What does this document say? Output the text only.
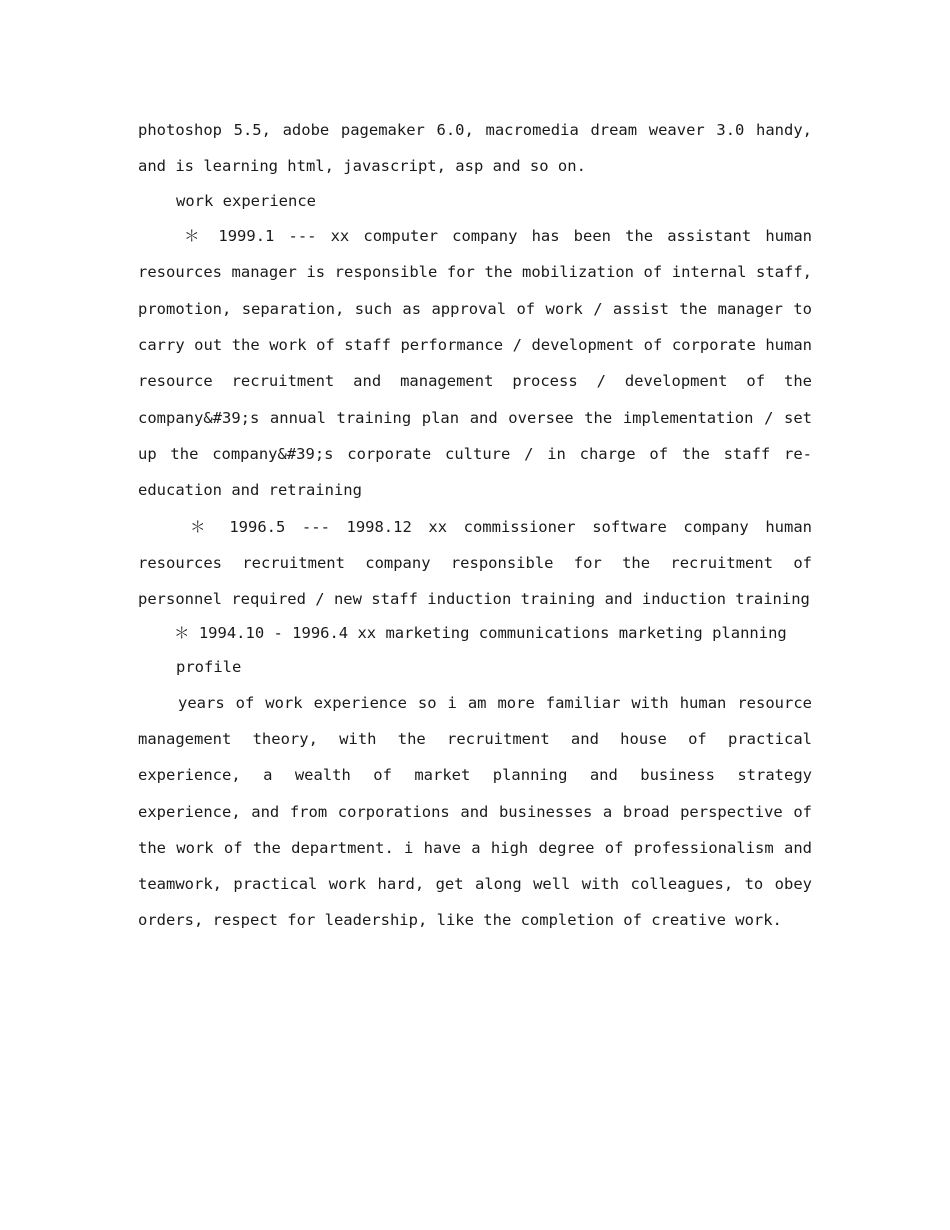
photoshop 5.5, adobe pagemaker 6.0, macromedia dream weaver 3.0 handy, and is learning html, javascript, asp and so on.

work experience

＊ 1999.1 --- xx computer company has been the assistant human resources manager is responsible for the mobilization of internal staff, promotion, separation, such as approval of work / assist the manager to carry out the work of staff performance / development of corporate human resource recruitment and management process / development of the company&#39;s annual training plan and oversee the implementation / set up the company&#39;s corporate culture / in charge of the staff re-education and retraining

＊ 1996.5 --- 1998.12 xx commissioner software company human resources recruitment company responsible for the recruitment of personnel required / new staff induction training and induction training

＊ 1994.10 - 1996.4 xx marketing communications marketing planning

profile

years of work experience so i am more familiar with human resource management theory, with the recruitment and house of practical experience, a wealth of market planning and business strategy experience, and from corporations and businesses a broad perspective of the work of the department. i have a high degree of professionalism and teamwork, practical work hard, get along well with colleagues, to obey orders, respect for leadership, like the completion of creative work.
